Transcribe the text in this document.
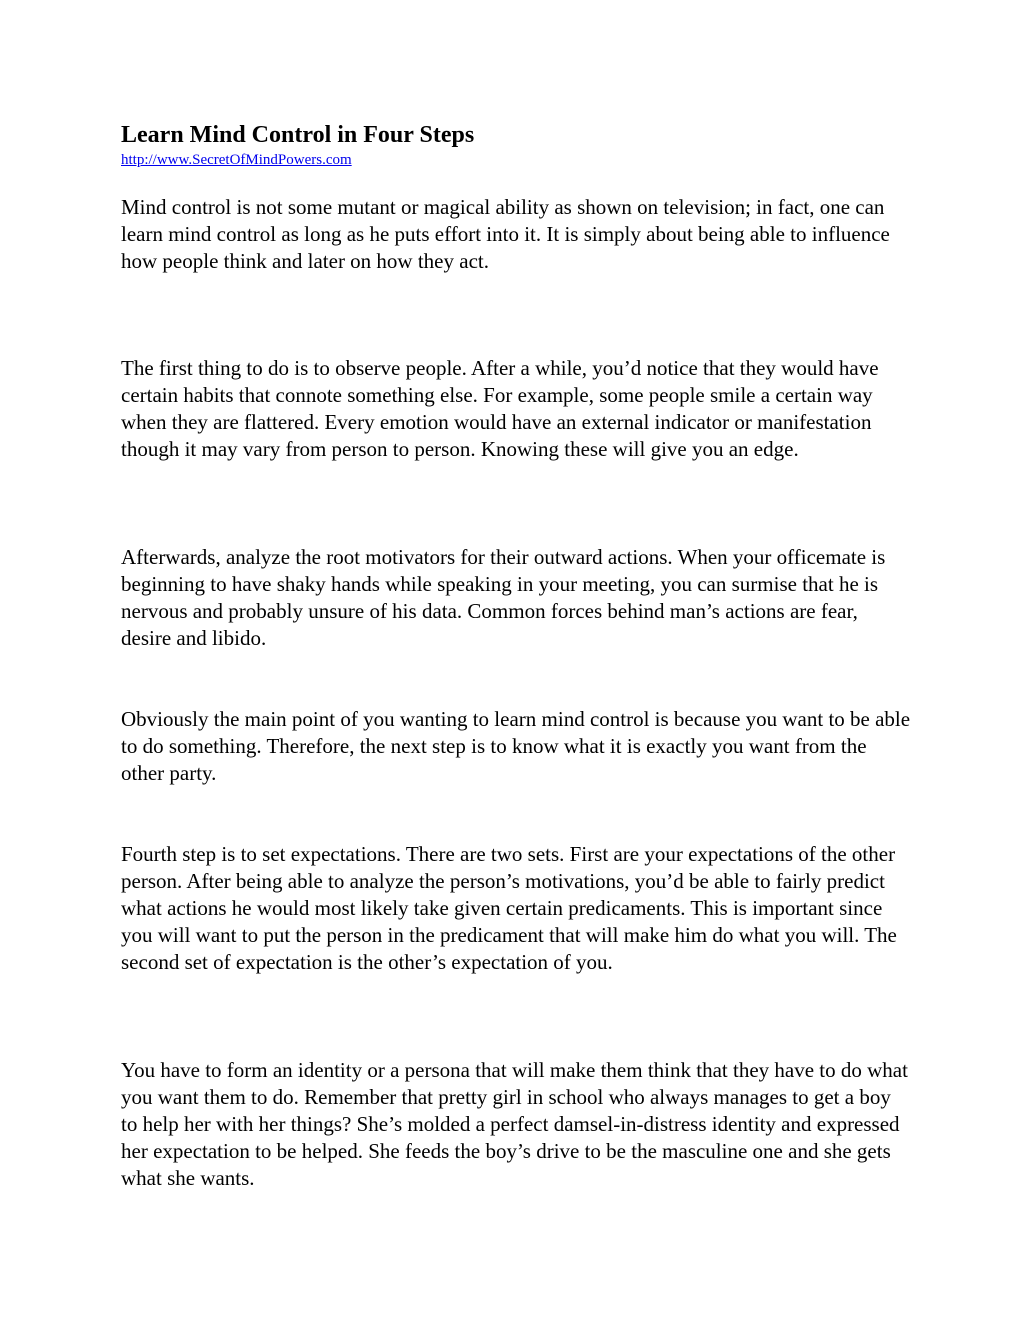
Learn Mind Control in Four Steps
http://www.SecretOfMindPowers.com

Mind control is not some mutant or magical ability as shown on television; in fact, one can learn mind control as long as he puts effort into it. It is simply about being able to influence how people think and later on how they act.

The first thing to do is to observe people. After a while, you’d notice that they would have certain habits that connote something else. For example, some people smile a certain way when they are flattered. Every emotion would have an external indicator or manifestation though it may vary from person to person. Knowing these will give you an edge.

Afterwards, analyze the root motivators for their outward actions. When your officemate is beginning to have shaky hands while speaking in your meeting, you can surmise that he is nervous and probably unsure of his data. Common forces behind man’s actions are fear, desire and libido.

Obviously the main point of you wanting to learn mind control is because you want to be able to do something. Therefore, the next step is to know what it is exactly you want from the other party.

Fourth step is to set expectations. There are two sets. First are your expectations of the other person. After being able to analyze the person’s motivations, you’d be able to fairly predict what actions he would most likely take given certain predicaments. This is important since you will want to put the person in the predicament that will make him do what you will. The second set of expectation is the other’s expectation of you.

You have to form an identity or a persona that will make them think that they have to do what you want them to do. Remember that pretty girl in school who always manages to get a boy to help her with her things? She’s molded a perfect damsel-in-distress identity and expressed her expectation to be helped. She feeds the boy’s drive to be the masculine one and she gets what she wants.
